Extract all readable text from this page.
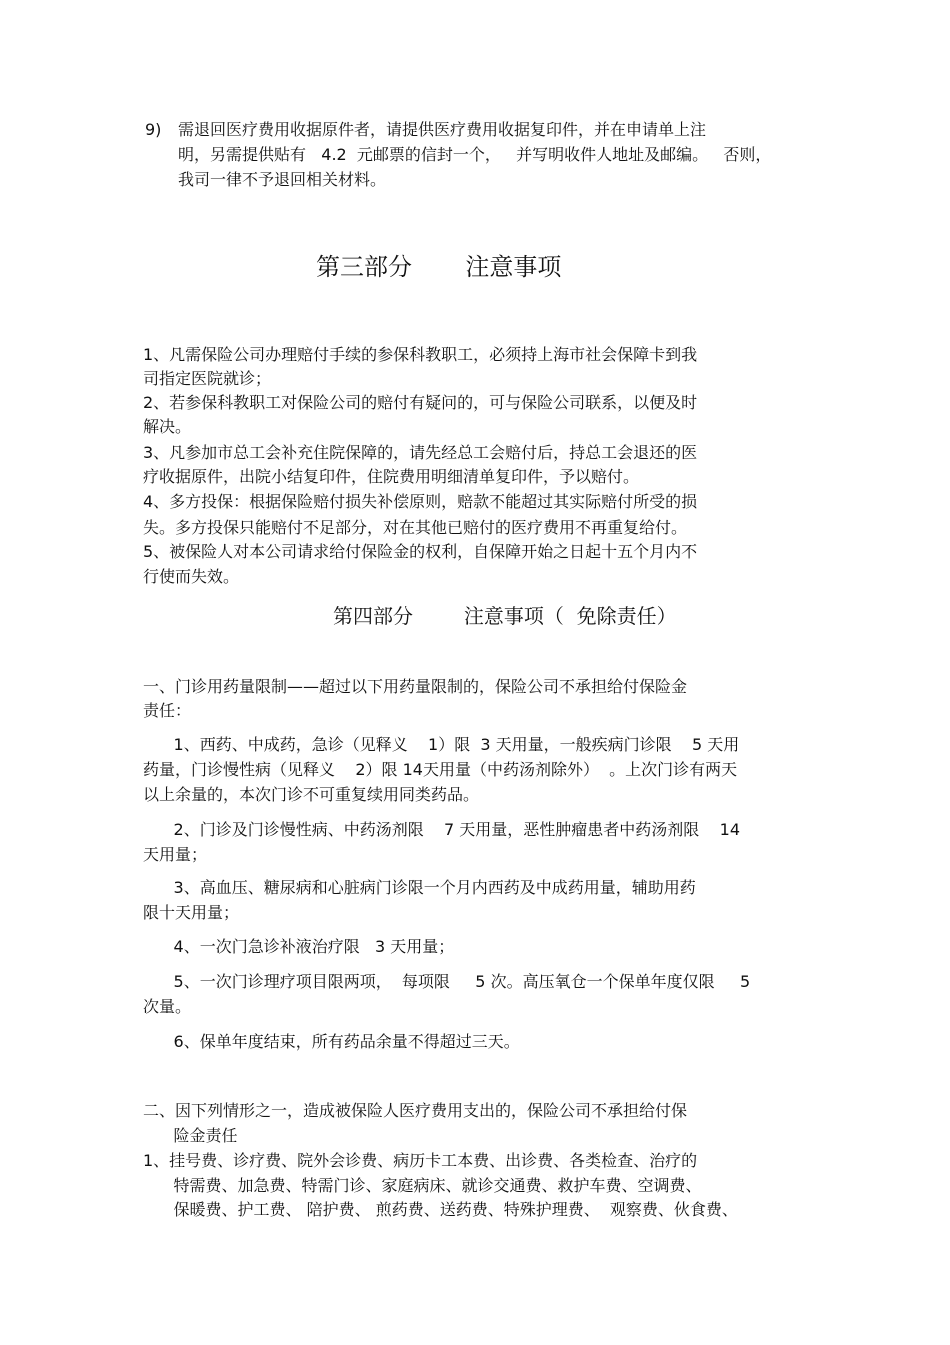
9) 需退回医疗费用收据原件者，请提供医疗费用收据复印件，并在申请单上注
明，另需提供贴有   4.2  元邮票的信封一个，   并写明收件人地址及邮编。   否则，
我司一律不予退回相关材料。
第三部分       注意事项
1、凡需保险公司办理赔付手续的参保科教职工，必须持上海市社会保障卡到我
司指定医院就诊；
2、若参保科教职工对保险公司的赔付有疑问的，可与保险公司联系，以便及时
解决。
3、凡参加市总工会补充住院保障的，请先经总工会赔付后，持总工会退还的医
疗收据原件，出院小结复印件，住院费用明细清单复印件，予以赔付。
4、多方投保：根据保险赔付损失补偿原则，赔款不能超过其实际赔付所受的损
失。多方投保只能赔付不足部分，对在其他已赔付的医疗费用不再重复给付。
5、被保险人对本公司请求给付保险金的权利，自保障开始之日起十五个月内不
行使而失效。
第四部分        注意事项（  免除责任）
一、门诊用药量限制——超过以下用药量限制的，保险公司不承担给付保险金
责任：
1、西药、中成药，急诊（见释义    1）限  3 天用量，一般疾病门诊限    5 天用
药量，门诊慢性病（见释义    2）限 14天用量（中药汤剂除外）  。上次门诊有两天
以上余量的，本次门诊不可重复续用同类药品。
2、门诊及门诊慢性病、中药汤剂限    7 天用量，恶性肿瘤患者中药汤剂限    14
天用量；
3、高血压、糖尿病和心脏病门诊限一个月内西药及中成药用量，辅助用药
限十天用量；
4、一次门急诊补液治疗限   3 天用量；
5、一次门诊理疗项目限两项，  每项限     5 次。高压氧仓一个保单年度仅限     5
次量。
6、保单年度结束，所有药品余量不得超过三天。
二、因下列情形之一，造成被保险人医疗费用支出的，保险公司不承担给付保
险金责任
1、挂号费、诊疗费、院外会诊费、病历卡工本费、出诊费、各类检查、治疗的
特需费、加急费、特需门诊、家庭病床、就诊交通费、救护车费、空调费、
保暖费、护工费、 陪护费、 煎药费、送药费、特殊护理费、  观察费、伙食费、
